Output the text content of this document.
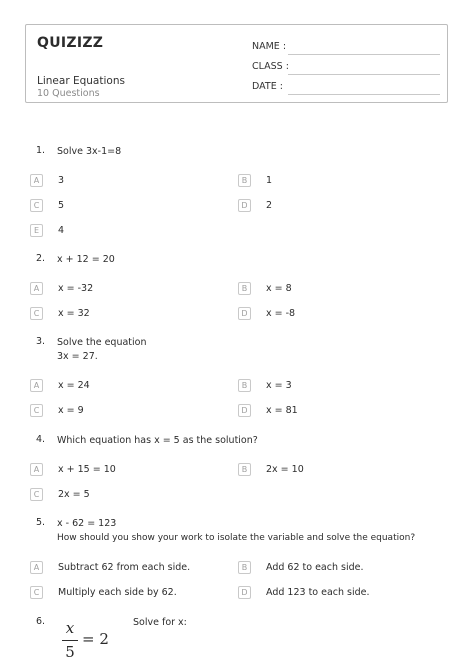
QUIZIZZ
Linear Equations
10 Questions
NAME :
CLASS :
DATE :
1. Solve 3x-1=8
A	3	B	1
C	5	D	2
E	4
2. x + 12 = 20
A	x = -32	B	x = 8
C	x = 32	D	x = -8
3. Solve the equation
3x = 27.
A	x = 24	B	x = 3
C	x = 9	D	x = 81
4. Which equation has x = 5 as the solution?
A	x + 15 = 10	B	2x = 10
C	2x = 5
5. x - 62 = 123
How should you show your work to isolate the variable and solve the equation?
A	Subtract 62 from each side.	B	Add 62 to each side.
C	Multiply each side by 62.	D	Add 123 to each side.
6.	Solve for x:
x
5
= 2
